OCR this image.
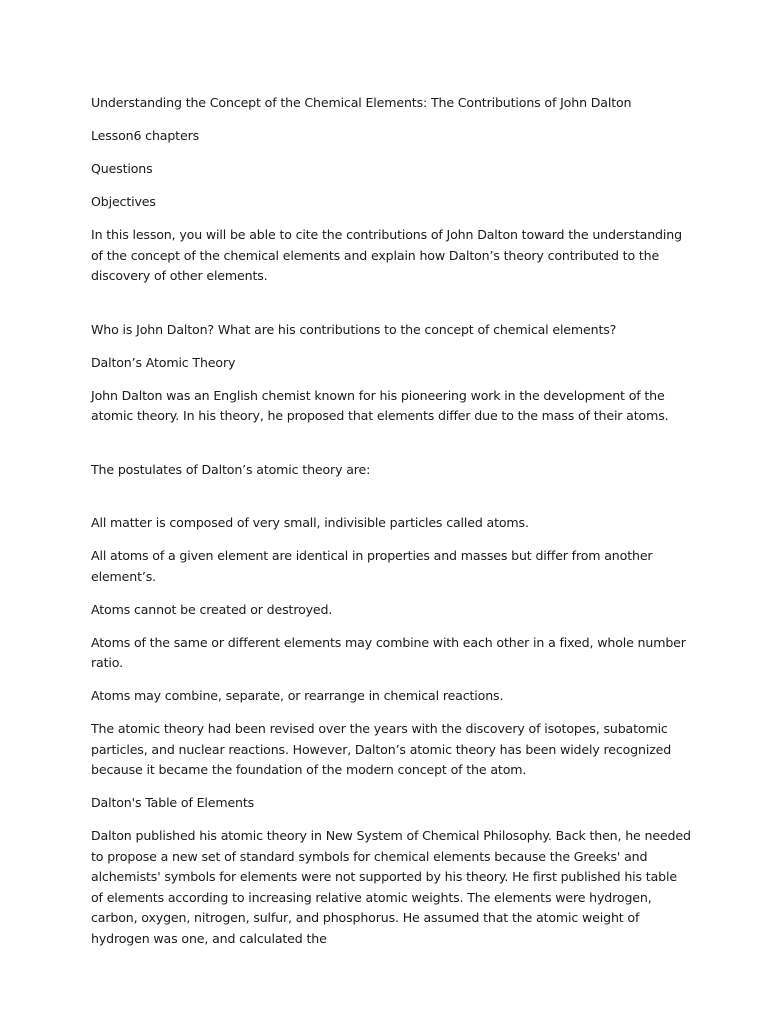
Understanding the Concept of the Chemical Elements: The Contributions of John Dalton

Lesson6 chapters

Questions

Objectives

In this lesson, you will be able to cite the contributions of John Dalton toward the understanding of the concept of the chemical elements and explain how Dalton’s theory contributed to the discovery of other elements.

Who is John Dalton? What are his contributions to the concept of chemical elements?

Dalton’s Atomic Theory

John Dalton was an English chemist known for his pioneering work in the development of the atomic theory. In his theory, he proposed that elements differ due to the mass of their atoms.

The postulates of Dalton’s atomic theory are:

All matter is composed of very small, indivisible particles called atoms.

All atoms of a given element are identical in properties and masses but differ from another element’s.

Atoms cannot be created or destroyed.

Atoms of the same or different elements may combine with each other in a fixed, whole number ratio.

Atoms may combine, separate, or rearrange in chemical reactions.

The atomic theory had been revised over the years with the discovery of isotopes, subatomic particles, and nuclear reactions. However, Dalton’s atomic theory has been widely recognized because it became the foundation of the modern concept of the atom.

Dalton's Table of Elements

Dalton published his atomic theory in New System of Chemical Philosophy. Back then, he needed to propose a new set of standard symbols for chemical elements because the Greeks' and alchemists' symbols for elements were not supported by his theory. He first published his table of elements according to increasing relative atomic weights. The elements were hydrogen, carbon, oxygen, nitrogen, sulfur, and phosphorus. He assumed that the atomic weight of hydrogen was one, and calculated the
